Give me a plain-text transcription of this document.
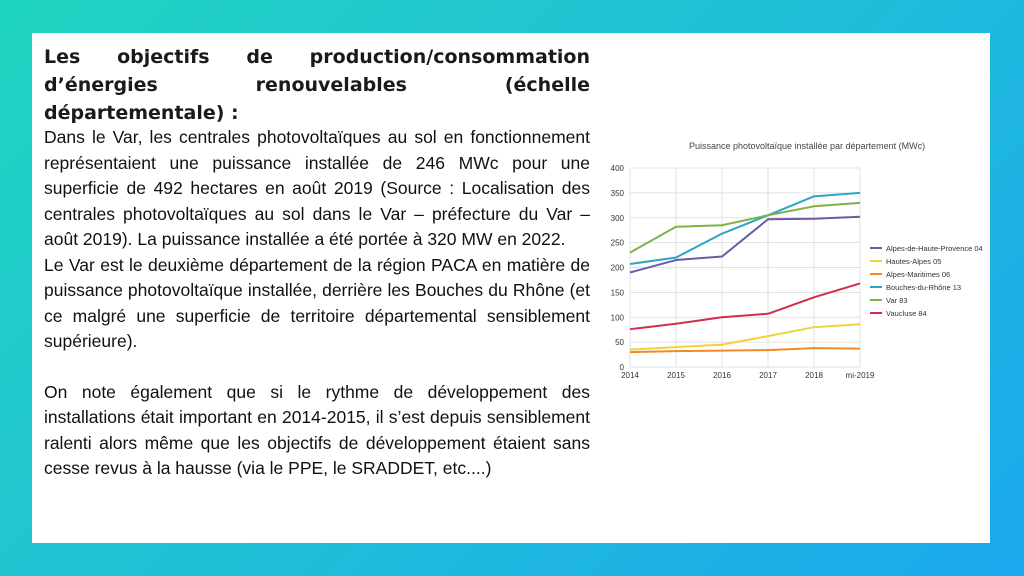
Les objectifs de production/consommation
d’énergies renouvelables (échelle départementale) :

Dans le Var, les centrales photovoltaïques au sol en fonctionnement représentaient une puissance installée de 246 MWc pour une superficie de 492 hectares en août 2019 (Source : Localisation des centrales photovoltaïques au sol dans le Var – préfecture du Var – août 2019). La puissance installée a été portée à 320 MW en 2022.

Le Var est le deuxième département de la région PACA en matière de puissance photovoltaïque installée, derrière les Bouches du Rhône (et ce malgré une superficie de territoire départemental sensiblement supérieure).

On note également que si le rythme de développement des installations était important en 2014-2015, il s’est depuis sensiblement ralenti alors même que les objectifs de développement étaient sans cesse revus à la hausse (via le PPE, le SRADDET, etc....)

Puissance photovoltaïque installée par département (MWc)
0
50
100
150
200
250
300
350
400
2014	2015	2016	2017	2018	mi-2019
Alpes-de-Haute-Provence 04
Hautes-Alpes 05
Alpes-Maritimes 06
Bouches-du-Rhône 13
Var 83
Vaucluse 84
